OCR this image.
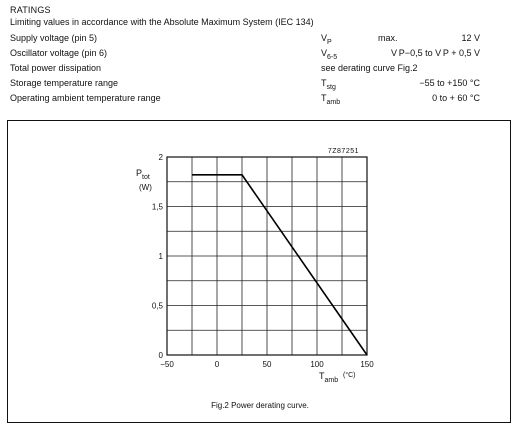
RATINGS
Limiting values in accordance with the Absolute Maximum System (IEC 134)
Supply voltage (pin 5)	$V_P$	max.	12 V
Oscillator voltage (pin 6)	$V_{6-5}$	V P−0,5 to V P + 0,5 V
Total power dissipation	see derating curve Fig.2
Storage temperature range	$T_{stg}$	−55 to +150 °C
Operating ambient temperature range	$T_{amb}$	0 to + 60 °C
−50	0	50	100	150
0
0,5
1
1,5
2
7Z87251
$P_{tot}$
(W)
$T_{amb}$
(°C)
Fig.2 Power derating curve.
